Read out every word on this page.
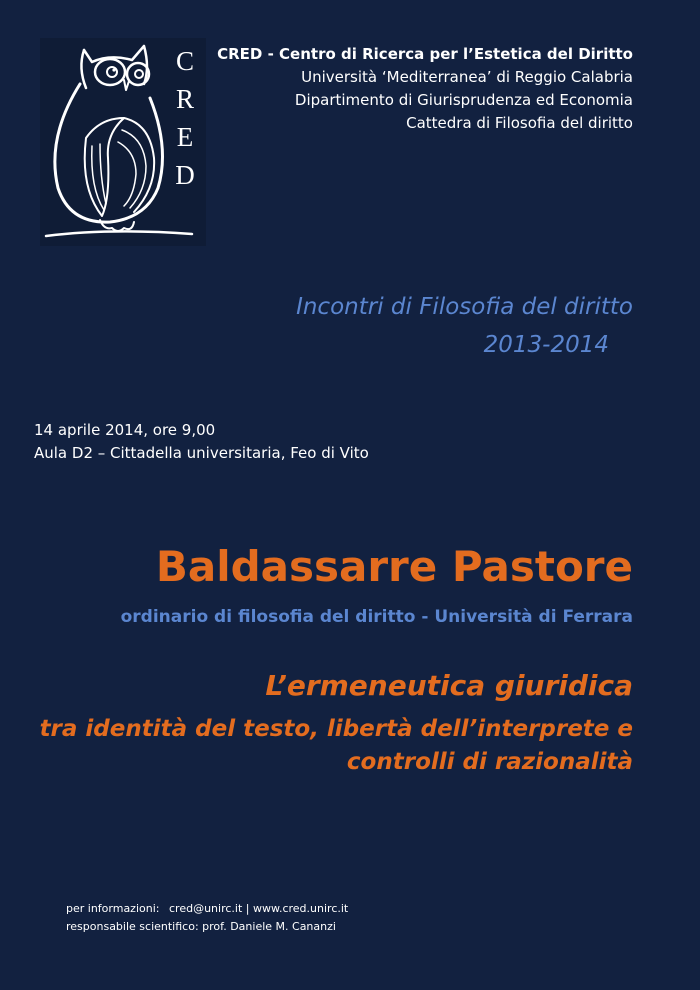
C
R
E
D
CRED - Centro di Ricerca per l’Estetica del Diritto
Università ‘Mediterranea’ di Reggio Calabria
Dipartimento di Giurisprudenza ed Economia
Cattedra di Filosofia del diritto
Incontri di Filosofia del diritto
2013-2014
14 aprile 2014, ore 9,00
Aula D2 – Cittadella universitaria, Feo di Vito
Baldassarre Pastore
ordinario di filosofia del diritto - Università di Ferrara
L’ermeneutica giuridica
tra identità del testo, libertà dell’interprete e
controlli di razionalità
per informazioni: cred@unirc.it | www.cred.unirc.it
responsabile scientifico: prof. Daniele M. Cananzi
